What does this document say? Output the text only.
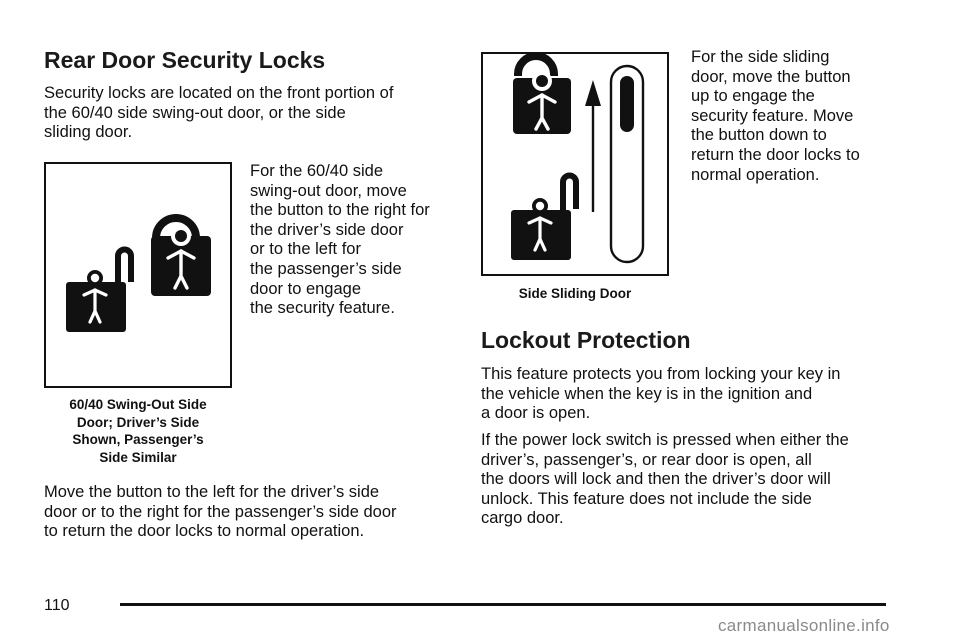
Rear Door Security Locks

Security locks are located on the front portion of
the 60/40 side swing-out door, or the side
sliding door.

60/40 Swing-Out Side
Door; Driver’s Side
Shown, Passenger’s
Side Similar

For the 60/40 side
swing-out door, move
the button to the right for
the driver’s side door
or to the left for
the passenger’s side
door to engage
the security feature.

Move the button to the left for the driver’s side
door or to the right for the passenger’s side door
to return the door locks to normal operation.

Side Sliding Door

For the side sliding
door, move the button
up to engage the
security feature. Move
the button down to
return the door locks to
normal operation.

Lockout Protection

This feature protects you from locking your key in
the vehicle when the key is in the ignition and
a door is open.

If the power lock switch is pressed when either the
driver’s, passenger’s, or rear door is open, all
the doors will lock and then the driver’s door will
unlock. This feature does not include the side
cargo door.

110
carmanualsonline.info
